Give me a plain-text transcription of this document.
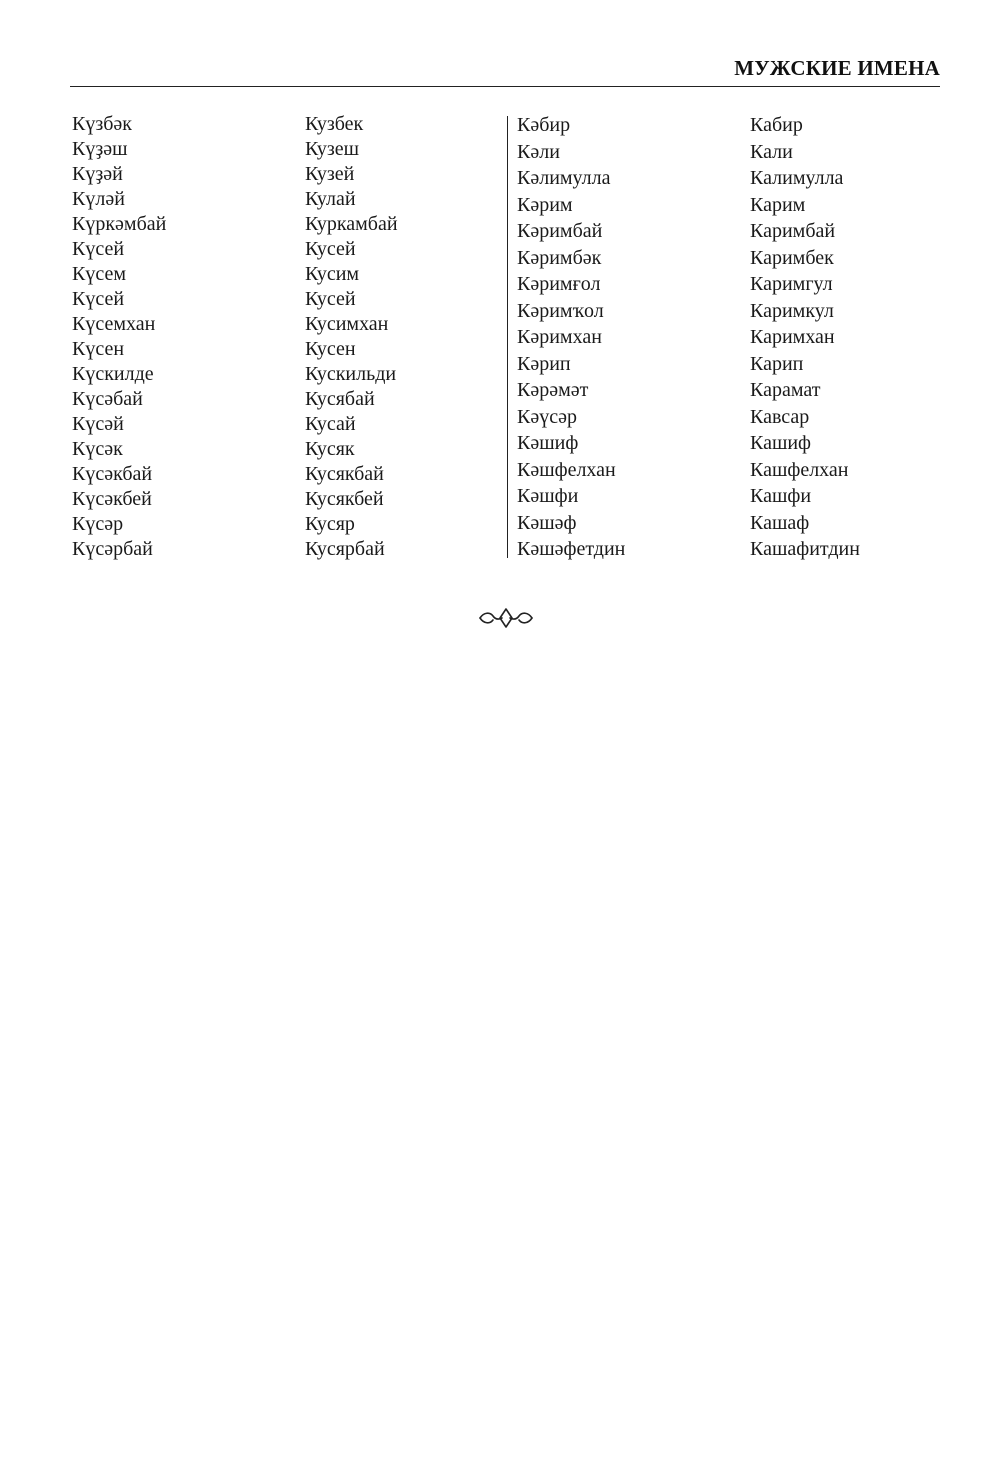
МУЖСКИЕ ИМЕНА
Күзбәк
Күҙәш
Күҙәй
Күләй
Күркәмбай
Күсей
Күсем
Күсей
Күсемхан
Күсен
Күскилде
Күсәбай
Күсәй
Күсәк
Күсәкбай
Күсәкбей
Күсәр
Күсәрбай
Кузбек
Кузеш
Кузей
Кулай
Куркамбай
Кусей
Кусим
Кусей
Кусимхан
Кусен
Кускильди
Кусябай
Кусай
Кусяк
Кусякбай
Кусякбей
Кусяр
Кусярбай
Кәбир
Кәли
Кәлимулла
Кәрим
Кәримбай
Кәримбәк
Кәримғол
Кәримҡол
Кәримхан
Кәрип
Кәрәмәт
Кәүсәр
Кәшиф
Кәшфелхан
Кәшфи
Кәшәф
Кәшәфетдин
Кабир
Кали
Калимулла
Карим
Каримбай
Каримбек
Каримгул
Каримкул
Каримхан
Карип
Карамат
Кавсар
Кашиф
Кашфелхан
Кашфи
Кашаф
Кашафитдин
